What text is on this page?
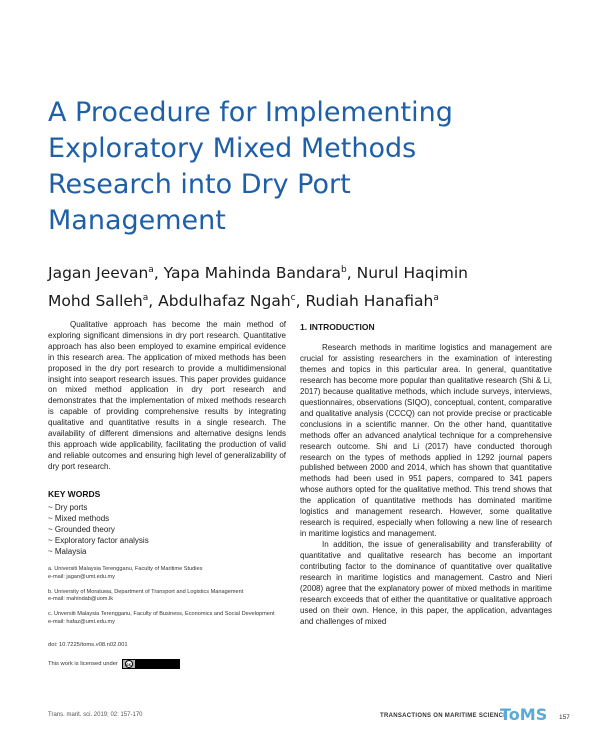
A Procedure for Implementing
Exploratory Mixed Methods
Research into Dry Port
Management
Jagan Jeevan$^a$, Yapa Mahinda Bandara$^b$, Nurul Haqimin
Mohd Salleh$^a$, Abdulhafaz Ngah$^c$, Rudiah Hanafiah$^a$

Qualitative approach has become the main method of exploring significant dimensions in dry port research. Quantitative approach has also been employed to examine empirical evidence in this research area. The application of mixed methods has been proposed in the dry port research to provide a multidimensional insight into seaport research issues. This paper provides guidance on mixed method application in dry port research and demonstrates that the implementation of mixed methods research is capable of providing comprehensive results by integrating qualitative and quantitative results in a single research. The availability of different dimensions and alternative designs lends this approach wide applicability, facilitating the production of valid and reliable outcomes and ensuring high level of generalizability of dry port research.

KEY WORDS
~ Dry ports
~ Mixed methods
~ Grounded theory
~ Exploratory factor analysis
~ Malaysia
a. Universiti Malaysia Terengganu, Faculty of Maritime Studies
e-mail: jagan@umt.edu.my
b. University of Moratuwa, Department of Transport and Logistics Management
e-mail: mahindab@uom.lk
c. Unversiti Malaysia Terengganu, Faculty of Business, Economics and Social Development
e-mail: hafaz@umt.edu.my
doi: 10.7225/toms.v08.n02.001
This work is licensed under	cc
1. INTRODUCTION

Research methods in maritime logistics and management are crucial for assisting researchers in the examination of interesting themes and topics in this particular area. In general, quantitative research has become more popular than qualitative research (Shi & Li, 2017) because qualitative methods, which include surveys, interviews, questionnaires, observations (SIQO), conceptual, content, comparative and qualitative analysis (CCCQ) can not provide precise or practicable conclusions in a scientific manner. On the other hand, quantitative methods offer an advanced analytical technique for a comprehensive research outcome. Shi and Li (2017) have conducted thorough research on the types of methods applied in 1292 journal papers published between 2000 and 2014, which has shown that quantitative methods had been used in 951 papers, compared to 341 papers whose authors opted for the qualitative method. This trend shows that the application of quantitative methods has dominated maritime logistics and management research. However, some qualitative research is required, especially when following a new line of research in maritime logistics and management.

In addition, the issue of generalisability and transferability of quantitative and qualitative research has become an important contributing factor to the dominance of quantitative over qualitative research in maritime logistics and management. Castro and Nieri (2008) agree that the explanatory power of mixed methods in maritime research exceeds that of either the quantitative or qualitative approach used on their own. Hence, in this paper, the application, advantages and challenges of mixed

Trans. marit. sci. 2019; 02: 157-170	TRANSACTIONS ON MARITIME SCIENCE
ToMS 157
